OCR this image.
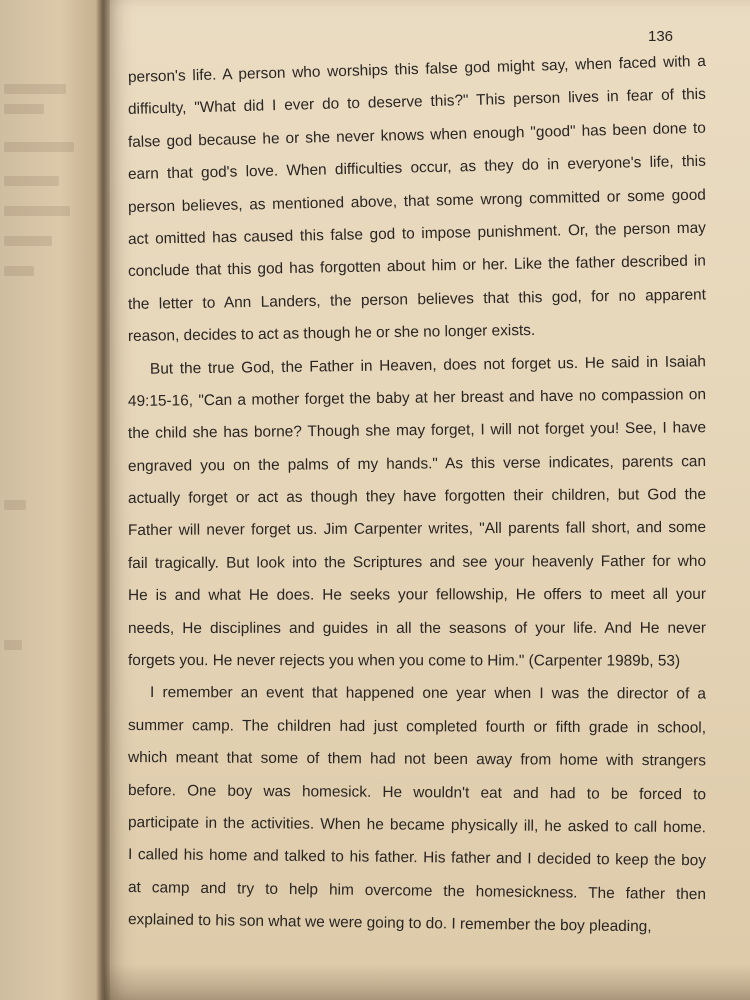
136
person's life. A person who worships this false god might say, when faced with a
difficulty, "What did I ever do to deserve this?" This person lives in fear of this
false god because he or she never knows when enough "good" has been done to
earn that god's love. When difficulties occur, as they do in everyone's life, this
person believes, as mentioned above, that some wrong committed or some good
act omitted has caused this false god to impose punishment. Or, the person may
conclude that this god has forgotten about him or her. Like the father described in
the letter to Ann Landers, the person believes that this god, for no apparent
reason, decides to act as though he or she no longer exists.
But the true God, the Father in Heaven, does not forget us. He said in Isaiah
49:15-16, "Can a mother forget the baby at her breast and have no compassion on
the child she has borne? Though she may forget, I will not forget you! See, I have
engraved you on the palms of my hands." As this verse indicates, parents can
actually forget or act as though they have forgotten their children, but God the
Father will never forget us. Jim Carpenter writes, "All parents fall short, and some
fail tragically. But look into the Scriptures and see your heavenly Father for who
He is and what He does. He seeks your fellowship, He offers to meet all your
needs, He disciplines and guides in all the seasons of your life. And He never
forgets you. He never rejects you when you come to Him." (Carpenter 1989b, 53)
I remember an event that happened one year when I was the director of a
summer camp. The children had just completed fourth or fifth grade in school,
which meant that some of them had not been away from home with strangers
before. One boy was homesick. He wouldn't eat and had to be forced to
participate in the activities. When he became physically ill, he asked to call home.
I called his home and talked to his father. His father and I decided to keep the boy
at camp and try to help him overcome the homesickness. The father then
explained to his son what we were going to do. I remember the boy pleading,
